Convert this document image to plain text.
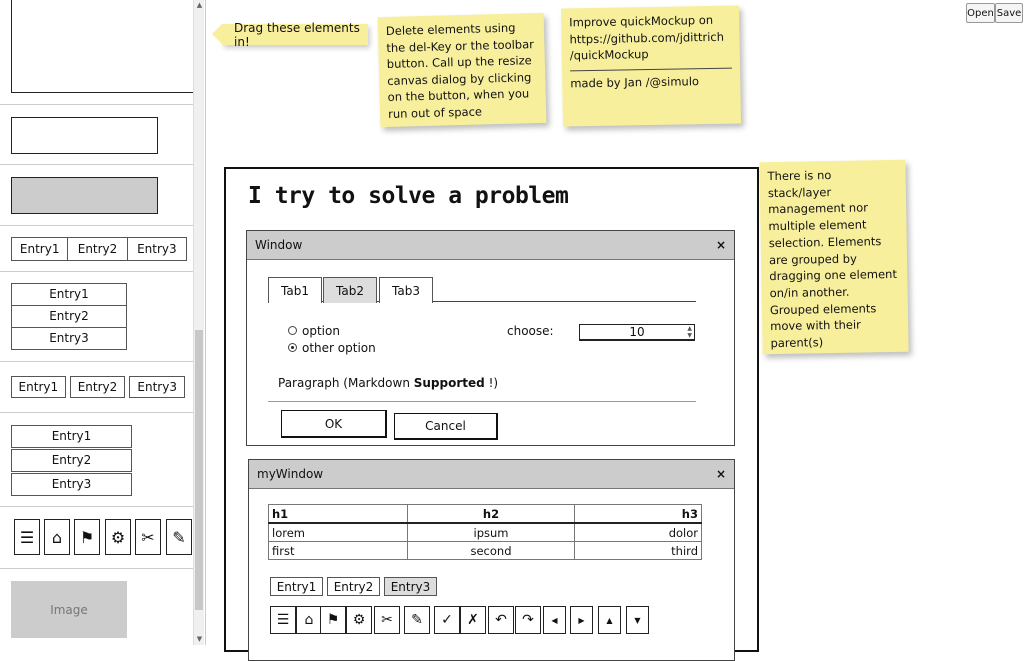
Entry1	Entry2	Entry3
Entry1
Entry2
Entry3
Entry1	Entry2	Entry3
Entry1
Entry2
Entry3
☰	⌂	⚑	⚙	✂	✎
Image
▲
▼
Open Save
Drag these elements in!
Delete elements using the del-Key or the toolbar button. Call up the resize canvas dialog by clicking on the button, when you run out of space
Improve quickMockup on
https://github.com/jdittrich
/quickMockup
made by Jan /@simulo
There is no stack/layer management nor multiple element selection. Elements are grouped by dragging one element on/in another. Grouped elements move with their parent(s)
I try to solve a problem
Window	×
Tab1	Tab2	Tab3
option
other option
choose:	10	▲
▼
Paragraph (Markdown Supported !)
OK	Cancel
myWindow	×
h1	h2	h3
lorem	ipsum	dolor
first	second	third
Entry1	Entry2	Entry3
☰	⌂ ⚑ ⚙	✂	✎	✓	✗	↶	↷	◀	▶	▲	▼
